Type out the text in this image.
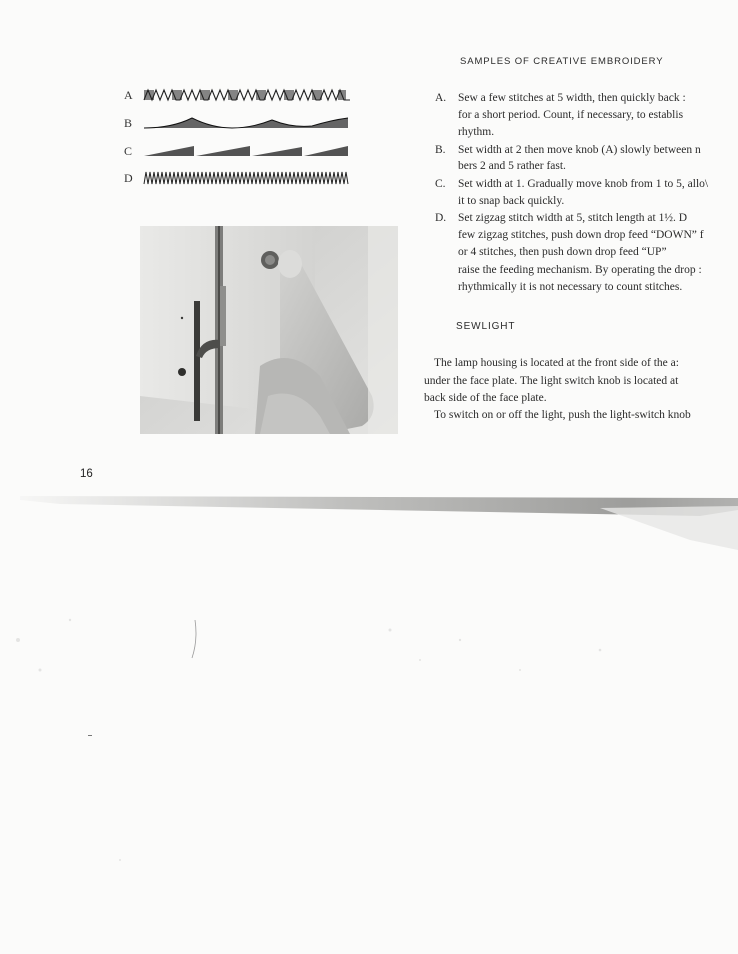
A
B
C
D
SAMPLES OF CREATIVE EMBROIDERY
A.	Sew a few stitches at 5 width, then quickly back :
for a short period. Count, if necessary, to establis
rhythm.
B.	Set width at 2 then move knob (A) slowly between n
bers 2 and 5 rather fast.
C.	Set width at 1. Gradually move knob from 1 to 5, allo\
it to snap back quickly.
D.	Set zigzag stitch width at 5, stitch length at 1½. D
few zigzag stitches, push down drop feed “DOWN” f́
or 4 stitches, then push down drop feed “UP”
raise the feeding mechanism. By operating the drop :
rhythmically it is not necessary to count stitches.
SEWLIGHT
The lamp housing is located at the front side of the a:
under the face plate. The light switch knob is located at
back side of the face plate.
To switch on or off the light, push the light-switch knob
16
